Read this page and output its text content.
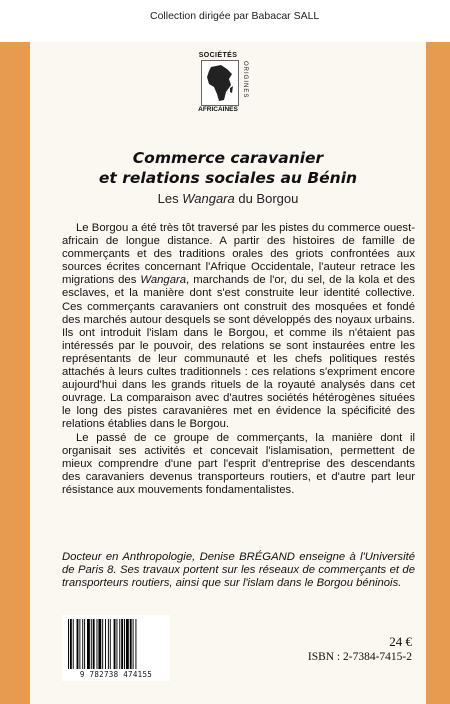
Collection dirigée par Babacar SALL
SOCIÉTÉS
ORIGINES
AFRICAINES
Commerce caravanier
et relations sociales au Bénin
Les Wangara du Borgou

Le Borgou a été très tôt traversé par les pistes du commerce ouest-africain de longue distance. A partir des histoires de famille de commerçants et des traditions orales des griots confrontées aux sources écrites concernant l'Afrique Occidentale, l'auteur retrace les migrations des Wangara, marchands de l'or, du sel, de la kola et des esclaves, et la manière dont s'est construite leur identité collective. Ces commerçants caravaniers ont construit des mosquées et fondé des marchés autour desquels se sont développés des noyaux urbains. Ils ont introduit l'islam dans le Borgou, et comme ils n'étaient pas intéressés par le pouvoir, des relations se sont instaurées entre les représentants de leur communauté et les chefs politiques restés attachés à leurs cultes traditionnels : ces relations s'expriment encore aujourd'hui dans les grands rituels de la royauté analysés dans cet ouvrage. La comparaison avec d'autres sociétés hétérogènes situées le long des pistes caravanières met en évidence la spécificité des relations établies dans le Borgou.

Le passé de ce groupe de commerçants, la manière dont il organisait ses activités et concevait l'islamisation, permettent de mieux comprendre d'une part l'esprit d'entreprise des descendants des caravaniers devenus transporteurs routiers, et d'autre part leur résistance aux mouvements fondamentalistes.

Docteur en Anthropologie, Denise BRÉGAND enseigne à l'Université de Paris 8. Ses travaux portent sur les réseaux de commerçants et de transporteurs routiers, ainsi que sur l'islam dans le Borgou béninois.

9 782738 474155
24 €
ISBN : 2-7384-7415-2
